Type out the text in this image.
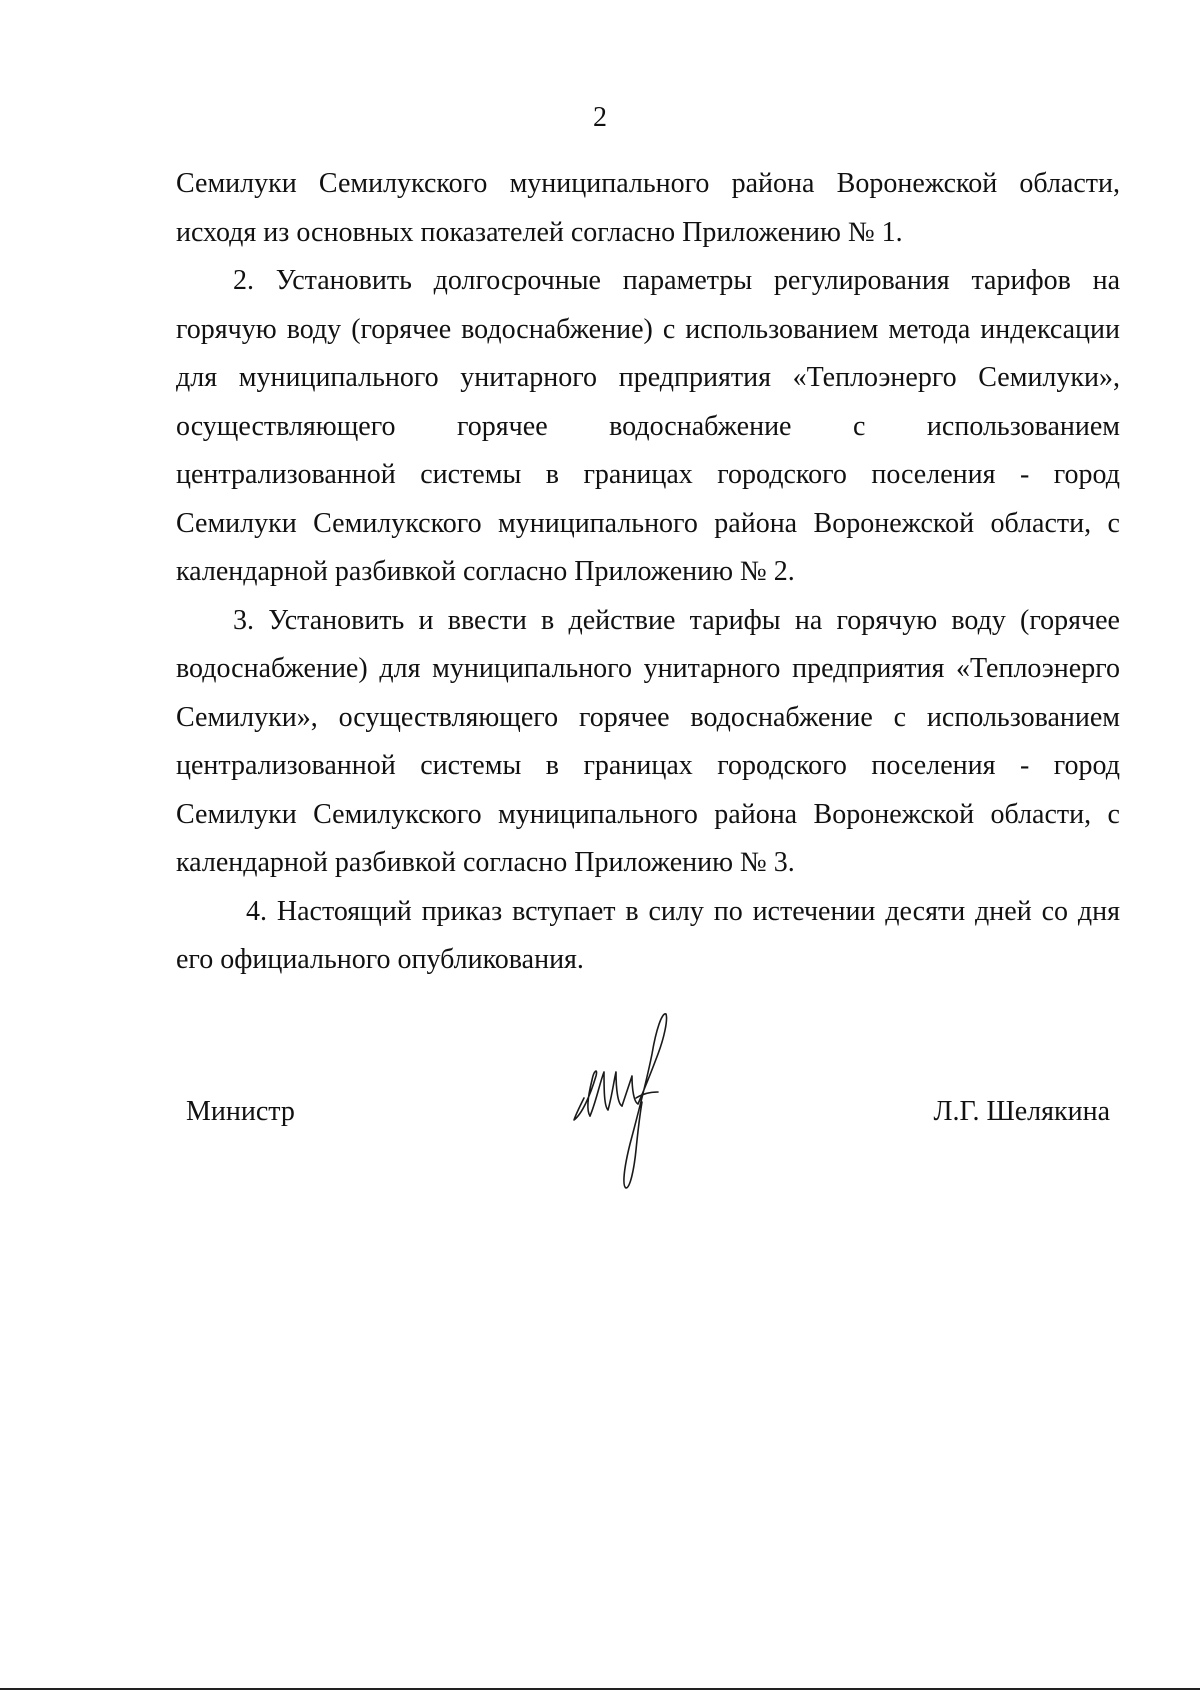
2

Семилуки Семилукского муниципального района Воронежской области, исходя из основных показателей согласно Приложению № 1.

2. Установить долгосрочные параметры регулирования тарифов на горячую воду (горячее водоснабжение) с использованием метода индексации для муниципального унитарного предприятия «Теплоэнерго Семилуки», осуществляющего горячее водоснабжение с использованием централизованной системы в границах городского поселения - город Семилуки Семилукского муниципального района Воронежской области, с календарной разбивкой согласно Приложению № 2.

3. Установить и ввести в действие тарифы на горячую воду (горячее водоснабжение) для муниципального унитарного предприятия «Теплоэнерго Семилуки», осуществляющего горячее водоснабжение с использованием централизованной системы в границах городского поселения - город Семилуки Семилукского муниципального района Воронежской области, с календарной разбивкой согласно Приложению № 3.

4. Настоящий приказ вступает в силу по истечении десяти дней со дня его официального опубликования.

Министр	Л.Г. Шелякина
